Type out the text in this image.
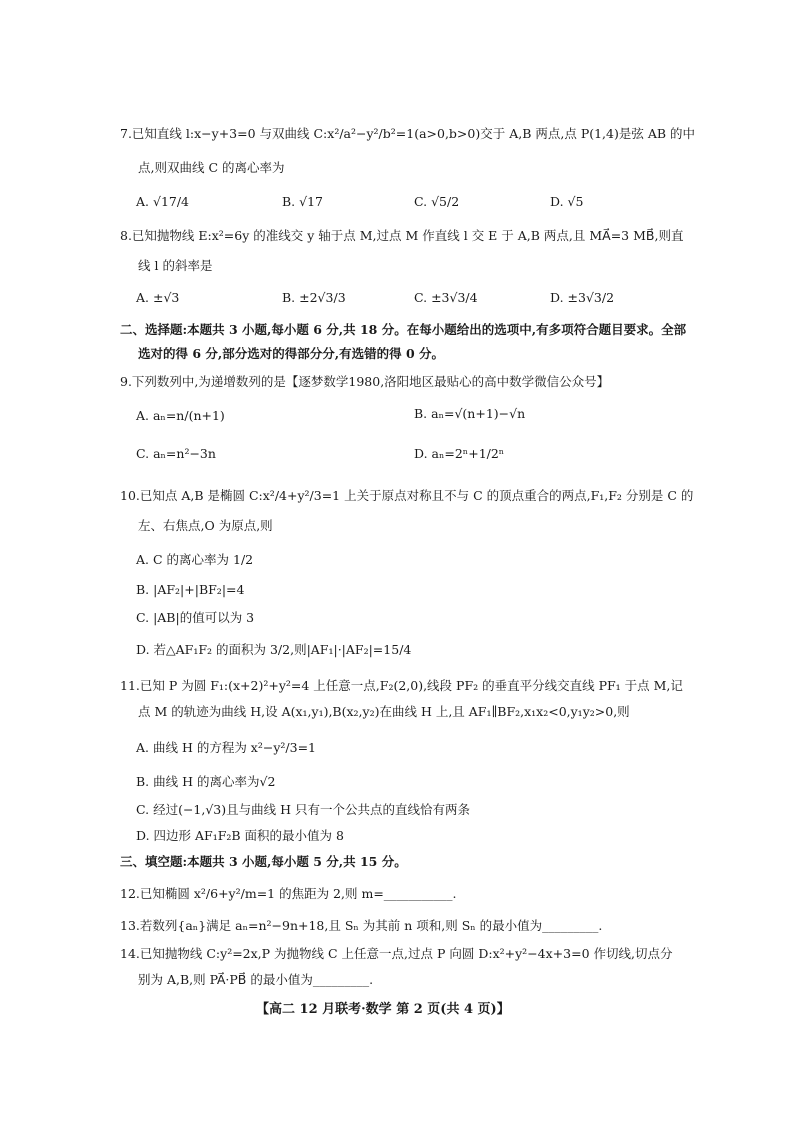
7.已知直线 l:x−y+3=0 与双曲线 C:x²/a²−y²/b²=1(a>0,b>0)交于 A,B 两点,点 P(1,4)是弦 AB 的中
点,则双曲线 C 的离心率为
A. √17/4	B. √17	C. √5/2	D. √5
8.已知抛物线 E:x²=6y 的准线交 y 轴于点 M,过点 M 作直线 l 交 E 于 A,B 两点,且 MA⃗=3 MB⃗,则直
线 l 的斜率是
A. ±√3	B. ±2√3/3	C. ±3√3/4	D. ±3√3/2
二、选择题:本题共 3 小题,每小题 6 分,共 18 分。在每小题给出的选项中,有多项符合题目要求。全部
选对的得 6 分,部分选对的得部分分,有选错的得 0 分。
9.下列数列中,为递增数列的是【逐梦数学1980,洛阳地区最贴心的高中数学微信公众号】
A. aₙ=n/(n+1)	B. aₙ=√(n+1)−√n
C. aₙ=n²−3n	D. aₙ=2ⁿ+1/2ⁿ
10.已知点 A,B 是椭圆 C:x²/4+y²/3=1 上关于原点对称且不与 C 的顶点重合的两点,F₁,F₂ 分别是 C 的
左、右焦点,O 为原点,则
A. C 的离心率为 1/2
B. |AF₂|+|BF₂|=4
C. |AB|的值可以为 3
D. 若△AF₁F₂ 的面积为 3/2,则|AF₁|·|AF₂|=15/4
11.已知 P 为圆 F₁:(x+2)²+y²=4 上任意一点,F₂(2,0),线段 PF₂ 的垂直平分线交直线 PF₁ 于点 M,记
点 M 的轨迹为曲线 H,设 A(x₁,y₁),B(x₂,y₂)在曲线 H 上,且 AF₁∥BF₂,x₁x₂<0,y₁y₂>0,则
A. 曲线 H 的方程为 x²−y²/3=1
B. 曲线 H 的离心率为√2
C. 经过(−1,√3)且与曲线 H 只有一个公共点的直线恰有两条
D. 四边形 AF₁F₂B 面积的最小值为 8
三、填空题:本题共 3 小题,每小题 5 分,共 15 分。
12.已知椭圆 x²/6+y²/m=1 的焦距为 2,则 m=___________.
13.若数列{aₙ}满足 aₙ=n²−9n+18,且 Sₙ 为其前 n 项和,则 Sₙ 的最小值为_________.
14.已知抛物线 C:y²=2x,P 为抛物线 C 上任意一点,过点 P 向圆 D:x²+y²−4x+3=0 作切线,切点分
别为 A,B,则 PA⃗·PB⃗ 的最小值为_________.
【高二 12 月联考·数学 第 2 页(共 4 页)】
